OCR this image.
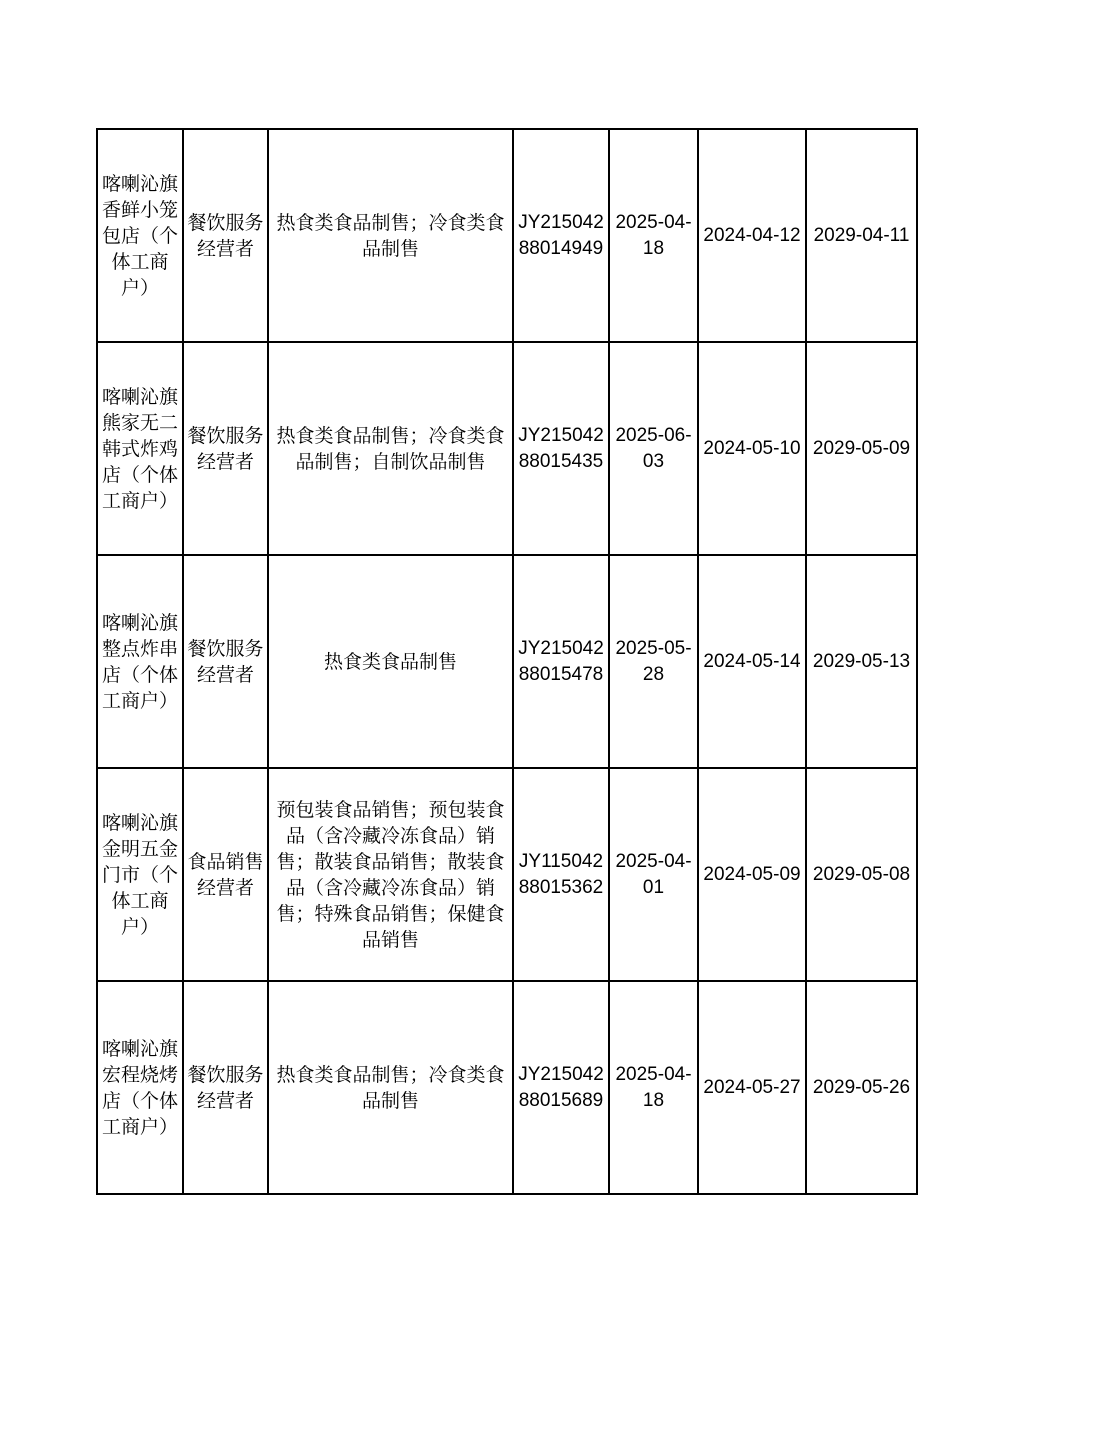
喀喇沁旗香鲜小笼包店（个体工商户）	餐饮服务经营者	热食类食品制售；冷食类食品制售	JY21504288014949	2025-04-18	2024-04-12	2029-04-11
喀喇沁旗熊家无二韩式炸鸡店（个体工商户）	餐饮服务经营者	热食类食品制售；冷食类食品制售；自制饮品制售	JY21504288015435	2025-06-03	2024-05-10	2029-05-09
喀喇沁旗整点炸串店（个体工商户）	餐饮服务经营者	热食类食品制售	JY21504288015478	2025-05-28	2024-05-14	2029-05-13
喀喇沁旗金明五金门市（个体工商户）	食品销售经营者	预包装食品销售；预包装食品（含冷藏冷冻食品）销售；散装食品销售；散装食品（含冷藏冷冻食品）销售；特殊食品销售；保健食品销售	JY11504288015362	2025-04-01	2024-05-09	2029-05-08
喀喇沁旗宏程烧烤店（个体工商户）	餐饮服务经营者	热食类食品制售；冷食类食品制售	JY21504288015689	2025-04-18	2024-05-27	2029-05-26
